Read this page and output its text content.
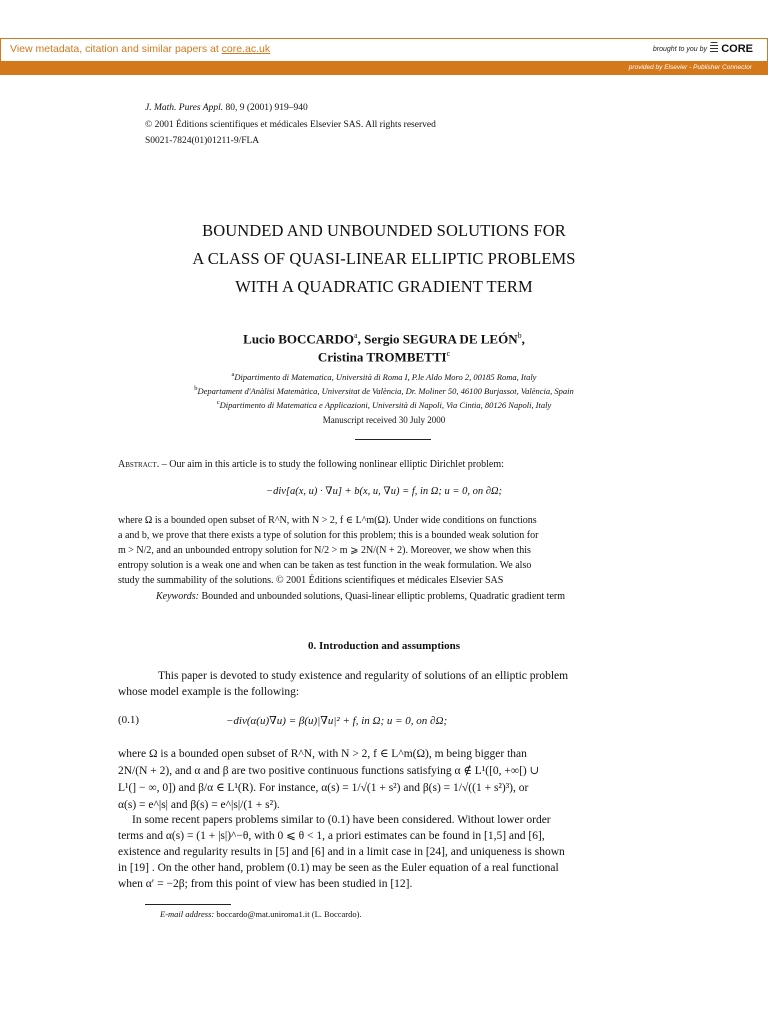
View metadata, citation and similar papers at core.ac.uk	brought to you by	CORE
provided by Elsevier - Publisher Connector
J. Math. Pures Appl. 80, 9 (2001) 919–940
© 2001 Éditions scientifiques et médicales Elsevier SAS. All rights reserved
S0021-7824(01)01211-9/FLA
BOUNDED AND UNBOUNDED SOLUTIONS FOR
A CLASS OF QUASI-LINEAR ELLIPTIC PROBLEMS
WITH A QUADRATIC GRADIENT TERM
Lucio BOCCARDO$^a$, Sergio SEGURA DE LEÓN$^b$,
Cristina TROMBETTI$^c$
$^a$Dipartimento di Matematica, Università di Roma I, P.le Aldo Moro 2, 00185 Roma, Italy
$^b$Departament d'Anàlisi Matemàtica, Universitat de València, Dr. Moliner 50, 46100 Burjassot, València, Spain
$^c$Dipartimento di Matematica e Applicazioni, Università di Napoli, Via Cintia, 80126 Napoli, Italy
Manuscript received 30 July 2000
Abstract. – Our aim in this article is to study the following nonlinear elliptic Dirichlet problem:
−div[a(x, u) · ∇u] + b(x, u, ∇u) = f, in Ω; u = 0, on ∂Ω;
where Ω is a bounded open subset of R^N, with N > 2, f ∈ L^m(Ω). Under wide conditions on functions
a and b, we prove that there exists a type of solution for this problem; this is a bounded weak solution for
m > N/2, and an unbounded entropy solution for N/2 > m ⩾ 2N/(N + 2). Moreover, we show when this
entropy solution is a weak one and when can be taken as test function in the weak formulation. We also
study the summability of the solutions. © 2001 Éditions scientifiques et médicales Elsevier SAS
Keywords: Bounded and unbounded solutions, Quasi-linear elliptic problems, Quadratic gradient term
0. Introduction and assumptions
This paper is devoted to study existence and regularity of solutions of an elliptic problem
whose model example is the following:
(0.1)	−div(α(u)∇u) = β(u)|∇u|² + f, in Ω; u = 0, on ∂Ω;
where Ω is a bounded open subset of R^N, with N > 2, f ∈ L^m(Ω), m being bigger than
2N/(N + 2), and α and β are two positive continuous functions satisfying α ∉ L¹([0, +∞[) ∪
L¹(] − ∞, 0]) and β/α ∈ L¹(R). For instance, α(s) = 1/√(1 + s²) and β(s) = 1/√((1 + s²)³), or
α(s) = e^|s| and β(s) = e^|s|/(1 + s²).
In some recent papers problems similar to (0.1) have been considered. Without lower order
terms and α(s) = (1 + |s|)^−θ, with 0 ⩽ θ < 1, a priori estimates can be found in [1,5] and [6],
existence and regularity results in [5] and [6] and in a limit case in [24], and uniqueness is shown
in [19] . On the other hand, problem (0.1) may be seen as the Euler equation of a real functional
when α′ = −2β; from this point of view has been studied in [12].
E-mail address: boccardo@mat.uniroma1.it (L. Boccardo).
